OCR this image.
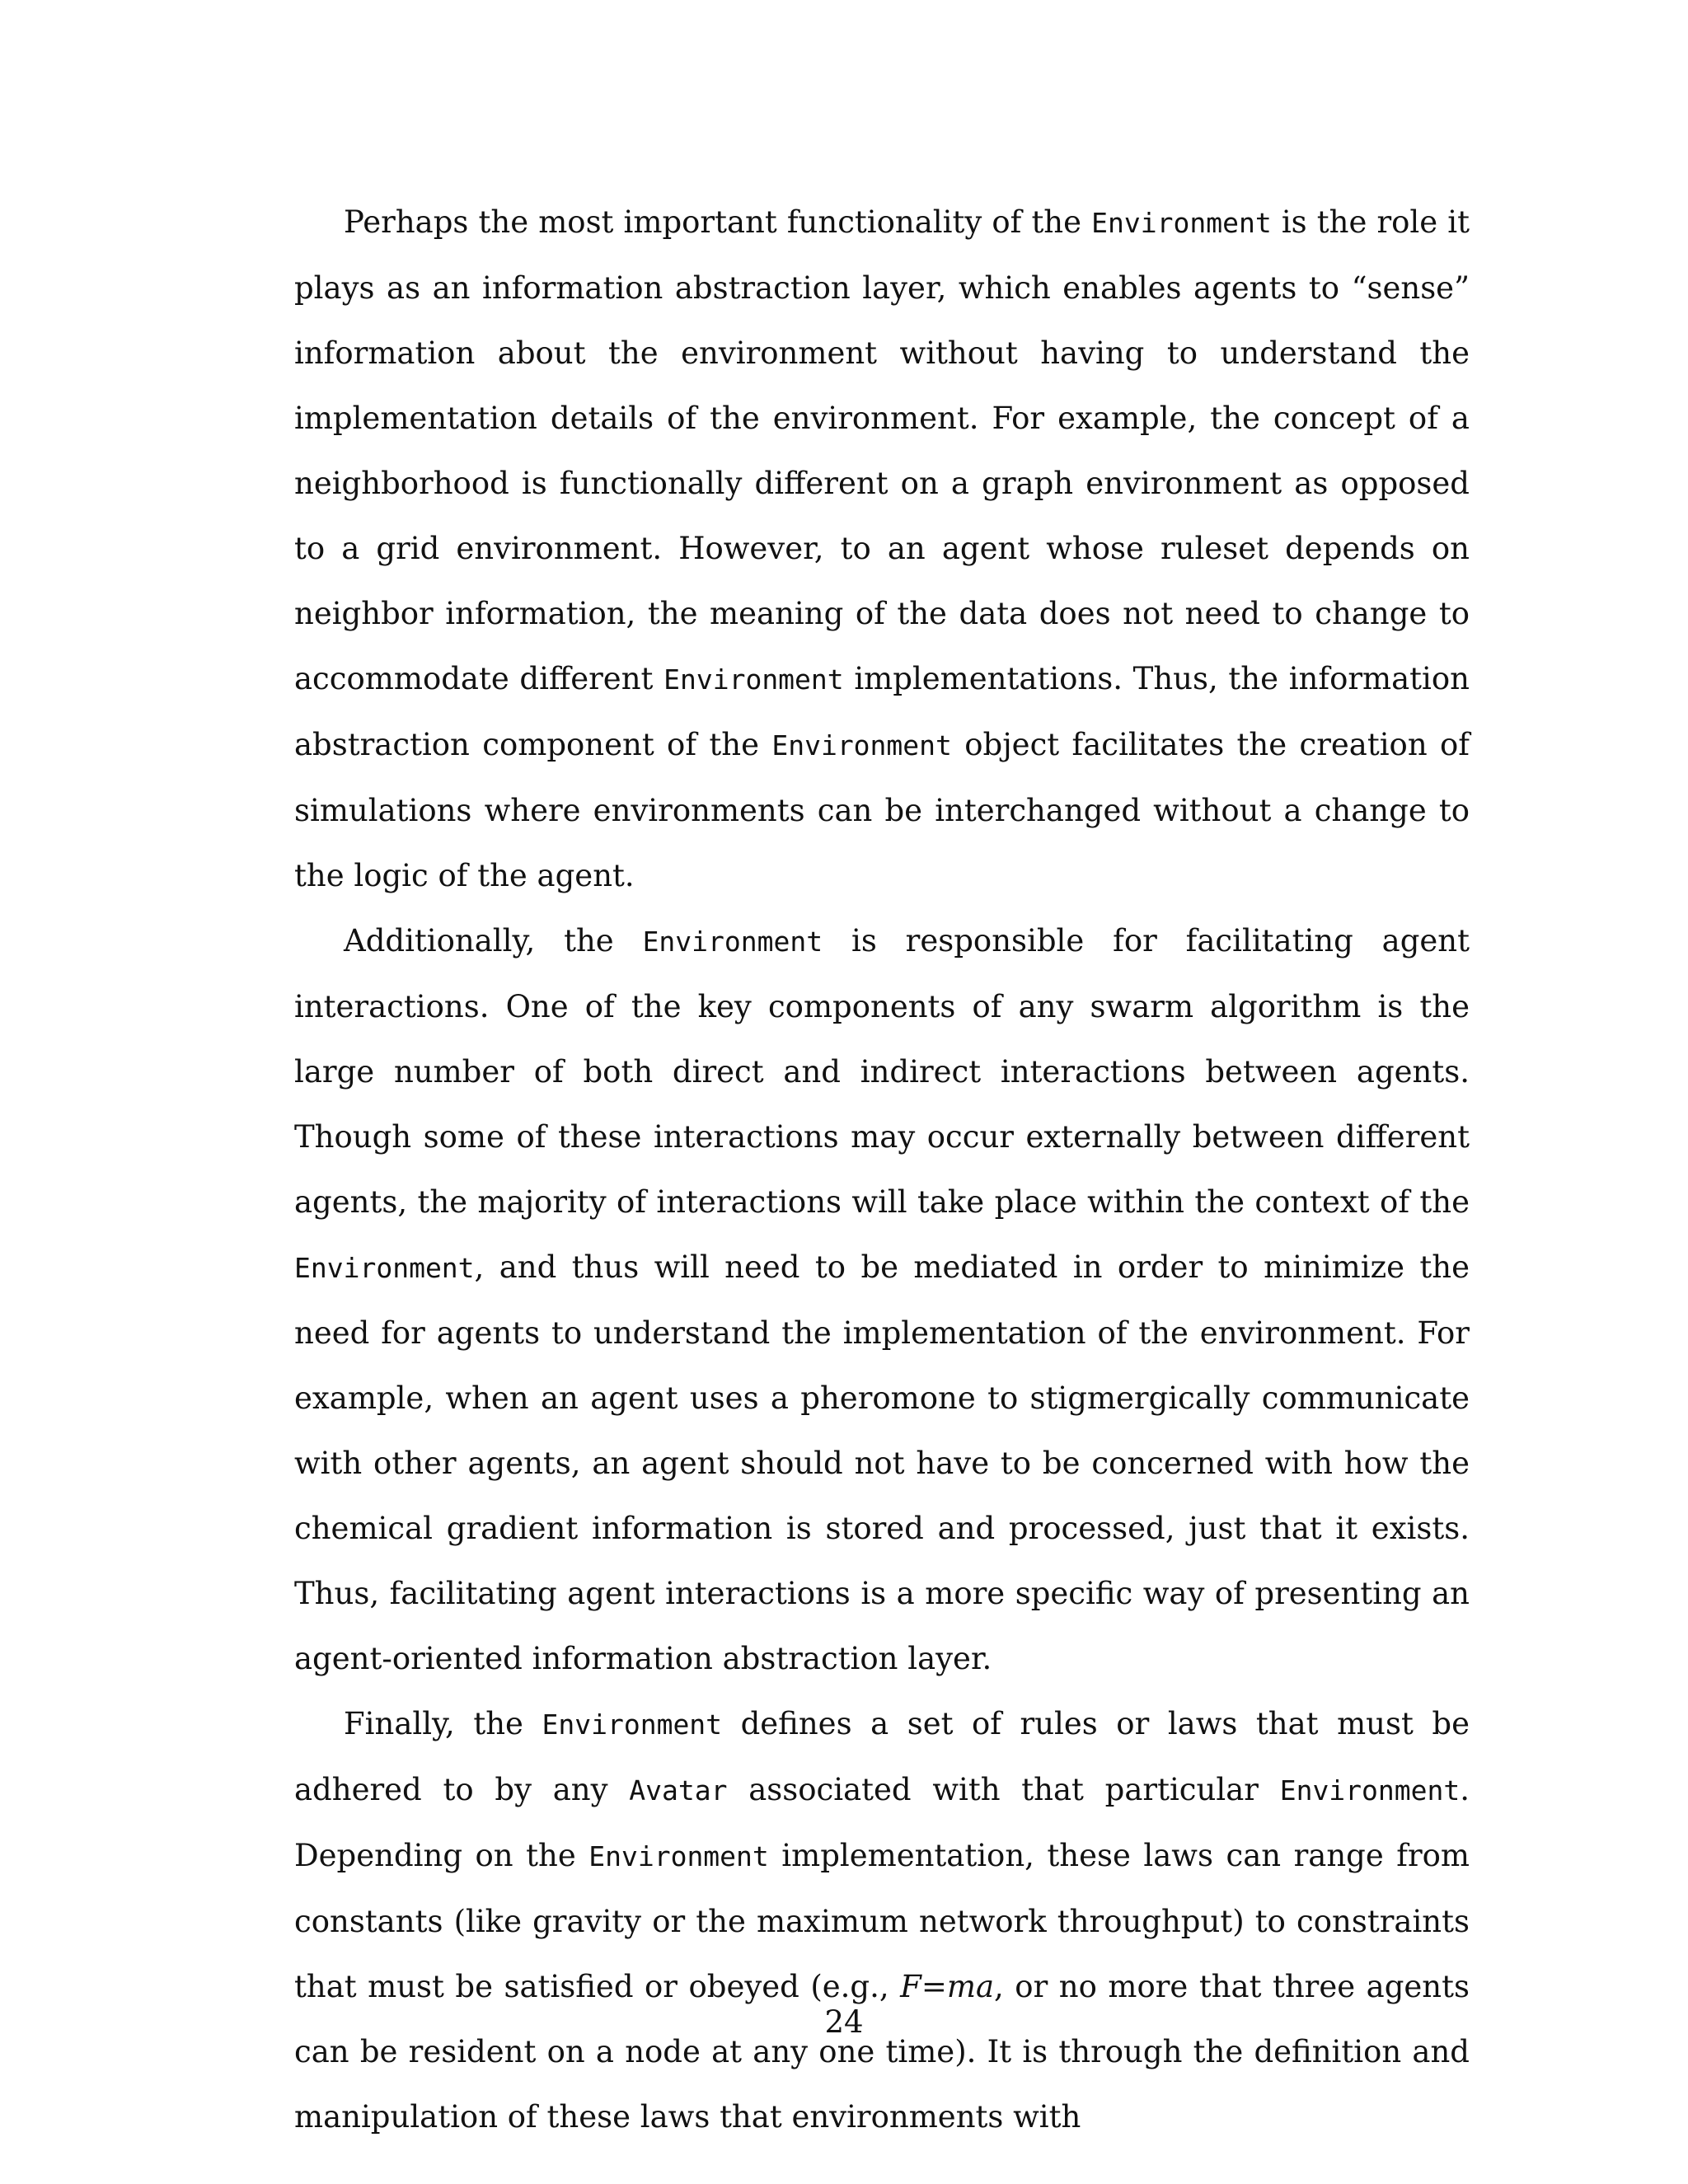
Perhaps the most important functionality of the Environment is the role it plays as an information abstraction layer, which enables agents to “sense” information about the environment without having to understand the implementation details of the environment. For example, the concept of a neighborhood is functionally different on a graph environment as opposed to a grid environment. However, to an agent whose ruleset depends on neighbor information, the meaning of the data does not need to change to accommodate different Environment implementations. Thus, the information abstraction component of the Environment object facilitates the creation of simulations where environments can be interchanged without a change to the logic of the agent.

Additionally, the Environment is responsible for facilitating agent interactions. One of the key components of any swarm algorithm is the large number of both direct and indirect interactions between agents. Though some of these interactions may occur externally between different agents, the majority of interactions will take place within the context of the Environment, and thus will need to be mediated in order to minimize the need for agents to understand the implementation of the environment. For example, when an agent uses a pheromone to stigmergically communicate with other agents, an agent should not have to be concerned with how the chemical gradient information is stored and processed, just that it exists. Thus, facilitating agent interactions is a more specific way of presenting an agent-oriented information abstraction layer.

Finally, the Environment defines a set of rules or laws that must be adhered to by any Avatar associated with that particular Environment. Depending on the Environment implementation, these laws can range from constants (like gravity or the maximum network throughput) to constraints that must be satisfied or obeyed (e.g., F=ma, or no more that three agents can be resident on a node at any one time). It is through the definition and manipulation of these laws that environments with

24
